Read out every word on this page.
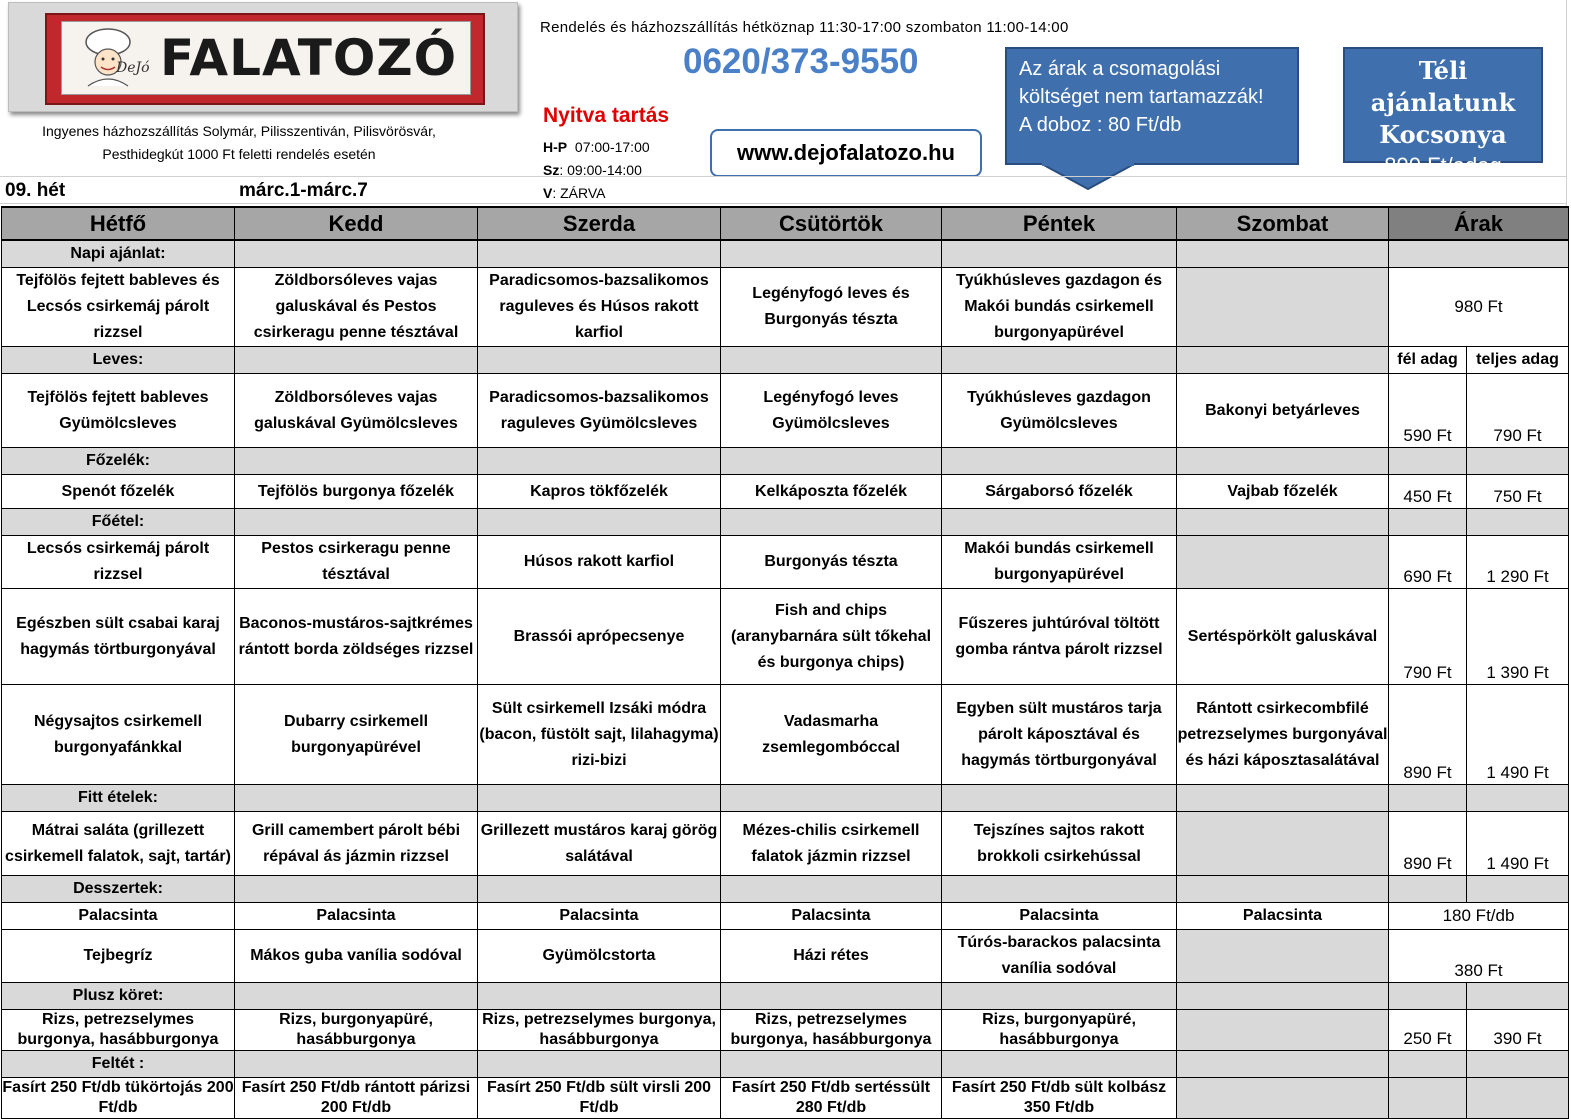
DeJó FALATOZÓ
Ingyenes házhozszállítás Solymár, Pilisszentiván, Pilisvörösvár,
Pesthidegkút 1000 Ft feletti rendelés esetén
Rendelés és házhozszállítás hétköznap 11:30-17:00 szombaton 11:00-14:00
0620/373-9550
Nyitva tartás
H-P 07:00-17:00
Sz: 09:00-14:00
V: ZÁRVA
www.dejofalatozo.hu
Az árak a csomagolási
költséget nem tartamazzák!
A doboz : 80 Ft/db
Téli ajánlatunk
Kocsonya
890 Ft/adag
09. hét	márc.1-márc.7
Hétfő	Kedd	Szerda	Csütörtök	Péntek	Szombat	Árak	
Napi ajánlat:							
Tejfölös fejtett bableves és Lecsós csirkemáj párolt rizzsel	Zöldborsóleves vajas galuskával és Pestos csirkeragu penne tésztával	Paradicsomos-bazsalikomos raguleves és Húsos rakott karfiol	Legényfogó leves és Burgonyás tészta	Tyúkhúsleves gazdagon és Makói bundás csirkemell burgonyapürével		980 Ft	
Leves:						fél adag	teljes adag
Tejfölös fejtett bableves Gyümölcsleves	Zöldborsóleves vajas galuskával Gyümölcsleves	Paradicsomos-bazsalikomos raguleves Gyümölcsleves	Legényfogó leves Gyümölcsleves	Tyúkhúsleves gazdagon Gyümölcsleves	Bakonyi betyárleves	590 Ft	790 Ft
Főzelék:							
Spenót főzelék	Tejfölös burgonya főzelék	Kapros tökfőzelék	Kelkáposzta főzelék	Sárgaborsó főzelék	Vajbab főzelék	450 Ft	750 Ft
Főétel:							
Lecsós csirkemáj párolt rizzsel	Pestos csirkeragu penne tésztával	Húsos rakott karfiol	Burgonyás tészta	Makói bundás csirkemell burgonyapürével		690 Ft	1 290 Ft
Egészben sült csabai karaj hagymás törtburgonyával	Baconos-mustáros-sajtkrémes rántott borda zöldséges rizzsel	Brassói aprópecsenye	Fish and chips (aranybarnára sült tőkehal és burgonya chips)	Fűszeres juhtúróval töltött gomba rántva párolt rizzsel	Sertéspörkölt galuskával	790 Ft	1 390 Ft
Négysajtos csirkemell burgonyafánkkal	Dubarry csirkemell burgonyapürével	Sült csirkemell Izsáki módra (bacon, füstölt sajt, lilahagyma) rizi-bizi	Vadasmarha zsemlegombóccal	Egyben sült mustáros tarja párolt káposztával és hagymás törtburgonyával	Rántott csirkecombfilé petrezselymes burgonyával és házi káposztasalátával	890 Ft	1 490 Ft
Fitt ételek:							
Mátrai saláta (grillezett csirkemell falatok, sajt, tartár)	Grill camembert párolt bébi répával ás jázmin rizzsel	Grillezett mustáros karaj görög salátával	Mézes-chilis csirkemell falatok jázmin rizzsel	Tejszínes sajtos rakott brokkoli csirkehússal		890 Ft	1 490 Ft
Desszertek:							
Palacsinta	Palacsinta	Palacsinta	Palacsinta	Palacsinta	Palacsinta	180 Ft/db	
Tejbegríz	Mákos guba vanília sodóval	Gyümölcstorta	Házi rétes	Túrós-barackos palacsinta vanília sodóval		380 Ft	
Plusz köret:							
Rizs, petrezselymes burgonya, hasábburgonya	Rizs, burgonyapüré, hasábburgonya	Rizs, petrezselymes burgonya, hasábburgonya	Rizs, petrezselymes burgonya, hasábburgonya	Rizs, burgonyapüré, hasábburgonya		250 Ft	390 Ft
Feltét :							
Fasírt 250 Ft/db tükörtojás 200 Ft/db	Fasírt 250 Ft/db rántott párizsi 200 Ft/db	Fasírt 250 Ft/db sült virsli 200 Ft/db	Fasírt 250 Ft/db sertéssült 280 Ft/db	Fasírt 250 Ft/db sült kolbász 350 Ft/db			
